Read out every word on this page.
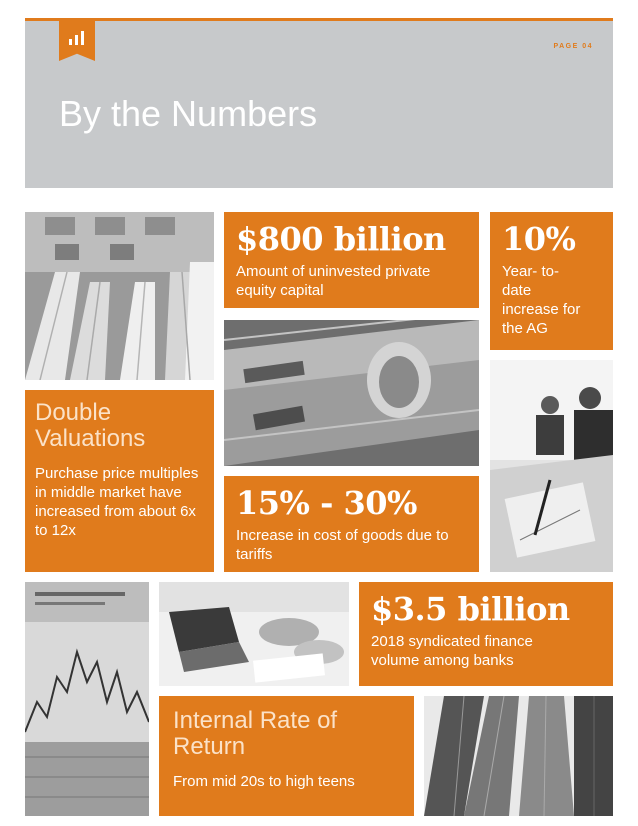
PAGE 04
By the Numbers
$800 billion
Amount of uninvested private equity capital
10%
Year- to-date increase for the AG
Double Valuations
Purchase price multiples in middle market have increased from about 6x to 12x
15% - 30%
Increase in cost of goods due to tariffs
$3.5 billion
2018 syndicated finance volume among banks
Internal Rate of Return
From mid 20s to high teens
